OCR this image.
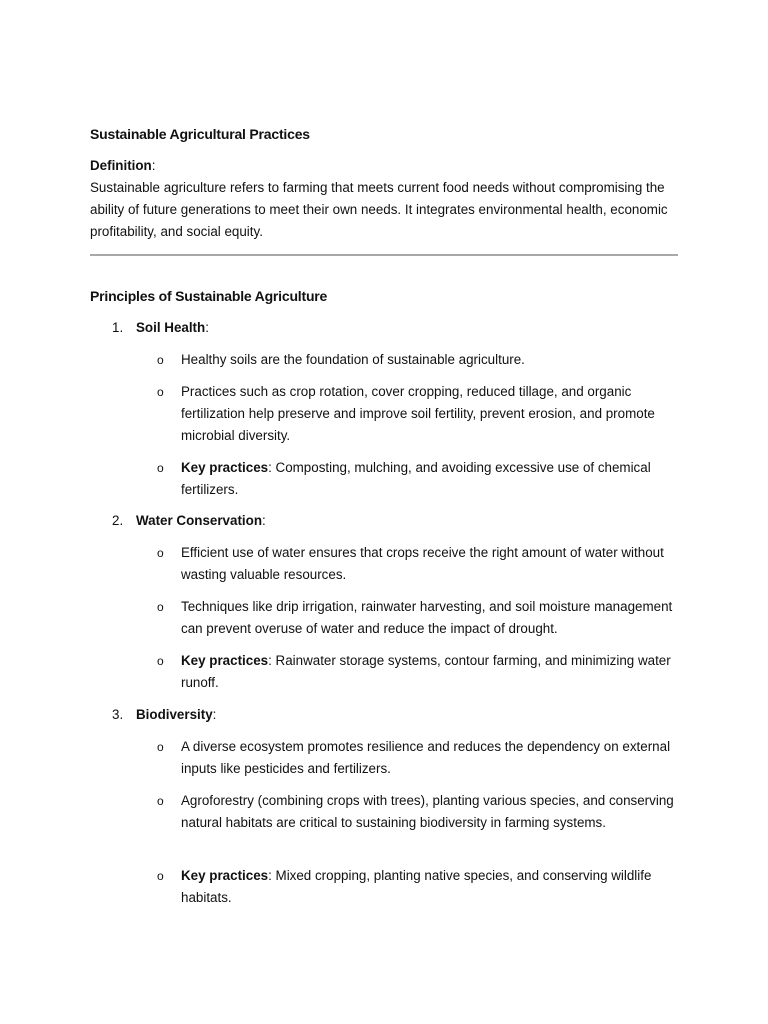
Sustainable Agricultural Practices
Definition:
Sustainable agriculture refers to farming that meets current food needs without compromising the ability of future generations to meet their own needs. It integrates environmental health, economic profitability, and social equity.
Principles of Sustainable Agriculture
1. Soil Health:
o Healthy soils are the foundation of sustainable agriculture.
o Practices such as crop rotation, cover cropping, reduced tillage, and organic fertilization help preserve and improve soil fertility, prevent erosion, and promote microbial diversity.
o Key practices: Composting, mulching, and avoiding excessive use of chemical fertilizers.
2. Water Conservation:
o Efficient use of water ensures that crops receive the right amount of water without wasting valuable resources.
o Techniques like drip irrigation, rainwater harvesting, and soil moisture management can prevent overuse of water and reduce the impact of drought.
o Key practices: Rainwater storage systems, contour farming, and minimizing water runoff.
3. Biodiversity:
o A diverse ecosystem promotes resilience and reduces the dependency on external inputs like pesticides and fertilizers.
o Agroforestry (combining crops with trees), planting various species, and conserving natural habitats are critical to sustaining biodiversity in farming systems.
o Key practices: Mixed cropping, planting native species, and conserving wildlife habitats.
